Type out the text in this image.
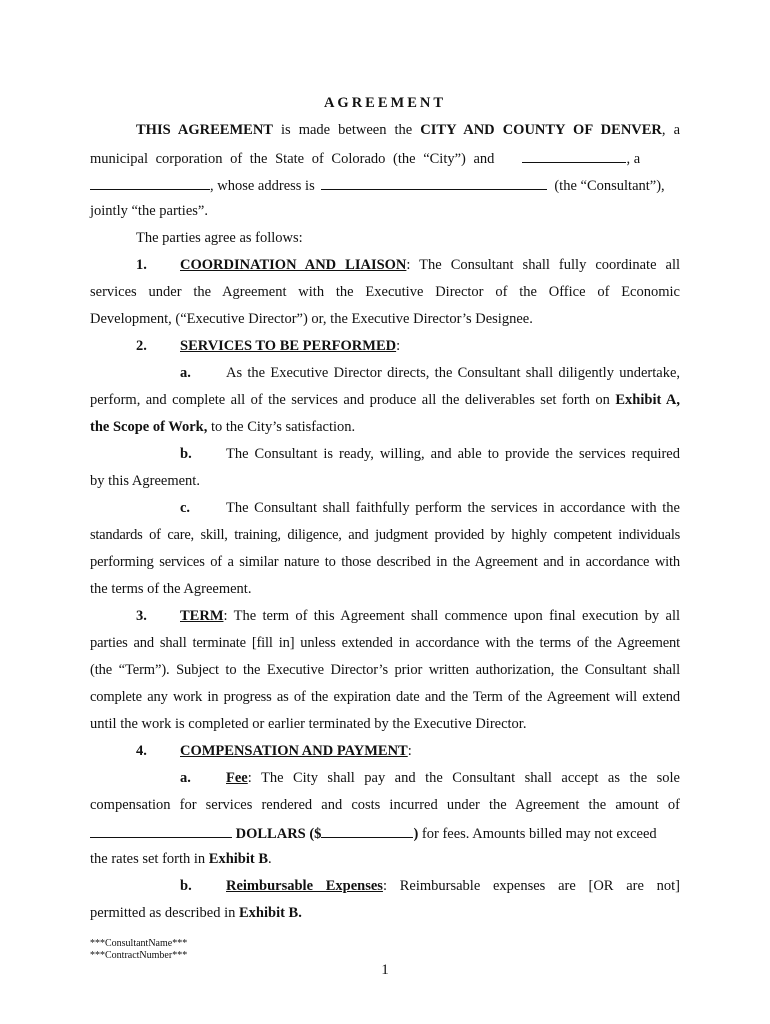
AGREEMENT
THIS AGREEMENT is made between the CITY AND COUNTY OF DENVER, a
municipal corporation of the State of Colorado (the “City”) and	, a
, whose address is	(the “Consultant”),
jointly “the parties”.
The parties agree as follows:
1. COORDINATION AND LIAISON: The Consultant shall fully coordinate all
services under the Agreement with the Executive Director of the Office of Economic
Development, (“Executive Director”) or, the Executive Director’s Designee.
2. SERVICES TO BE PERFORMED:
a. As the Executive Director directs, the Consultant shall diligently undertake,
perform, and complete all of the services and produce all the deliverables set forth on Exhibit A,
the Scope of Work, to the City’s satisfaction.
b. The Consultant is ready, willing, and able to provide the services required
by this Agreement.
c. The Consultant shall faithfully perform the services in accordance with the
standards of care, skill, training, diligence, and judgment provided by highly competent individuals
performing services of a similar nature to those described in the Agreement and in accordance with
the terms of the Agreement.
3. TERM: The term of this Agreement shall commence upon final execution by all
parties and shall terminate [fill in] unless extended in accordance with the terms of the Agreement
(the “Term”). Subject to the Executive Director’s prior written authorization, the Consultant shall
complete any work in progress as of the expiration date and the Term of the Agreement will extend
until the work is completed or earlier terminated by the Executive Director.
4. COMPENSATION AND PAYMENT:
a. Fee: The City shall pay and the Consultant shall accept as the sole
compensation for services rendered and costs incurred under the Agreement the amount of
DOLLARS ($	) for fees. Amounts billed may not exceed
the rates set forth in Exhibit B.
b. Reimbursable Expenses: Reimbursable expenses are [OR are not]
permitted as described in Exhibit B.
***ConsultantName***
***ContractNumber***
1
